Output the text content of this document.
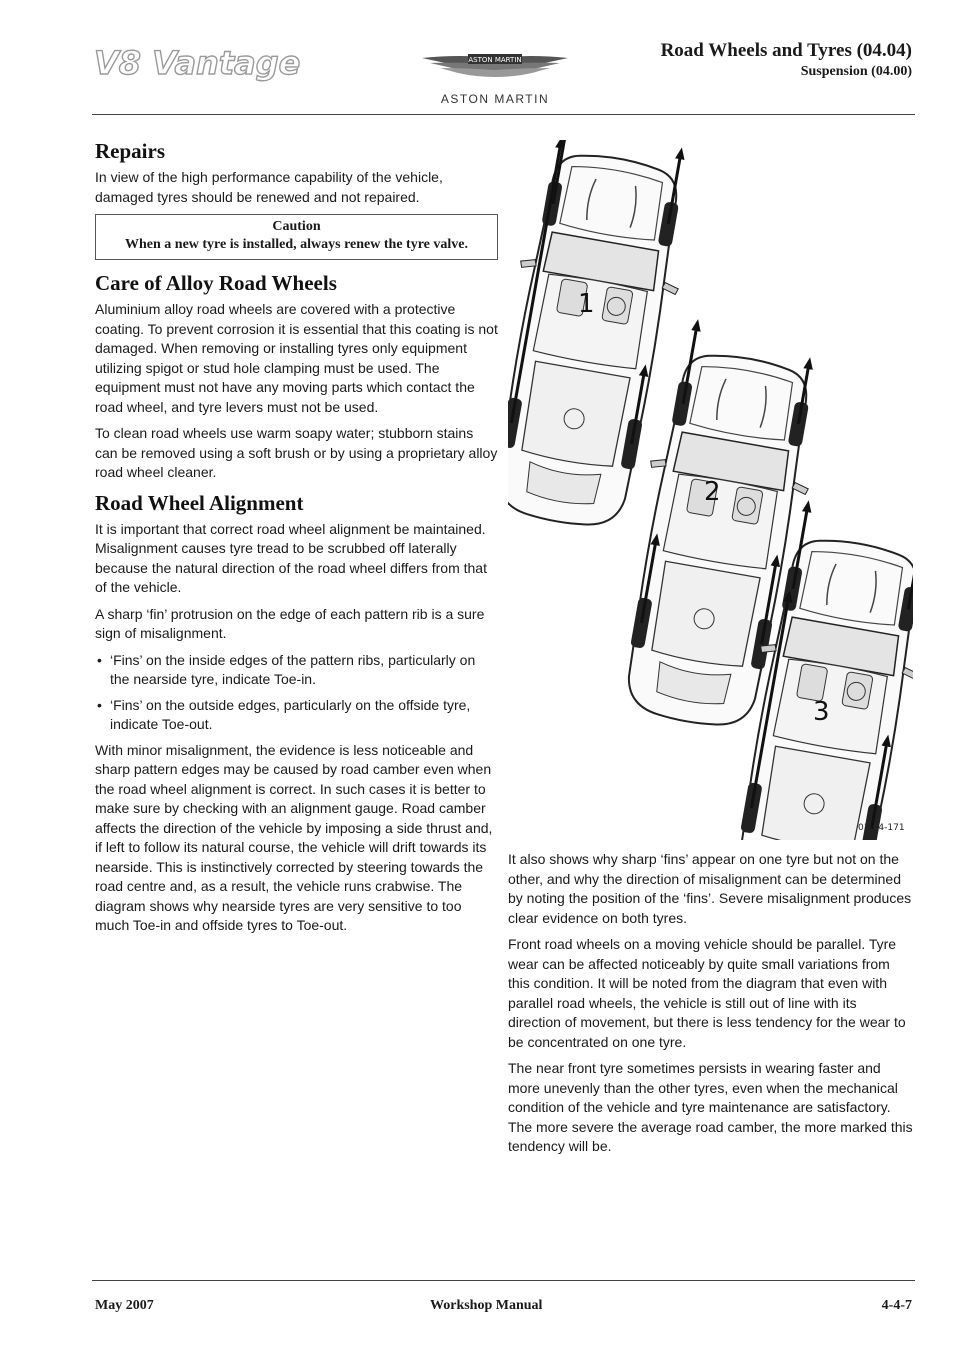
V8 Vantage	ASTON MARTIN
ASTON MARTIN
Road Wheels and Tyres (04.04)
Suspension (04.00)
Repairs

In view of the high performance capability of the vehicle, damaged tyres should be renewed and not repaired.

Caution
When a new tyre is installed, always renew the tyre valve.
Care of Alloy Road Wheels

Aluminium alloy road wheels are covered with a protective coating. To prevent corrosion it is essential that this coating is not damaged. When removing or installing tyres only equipment utilizing spigot or stud hole clamping must be used. The equipment must not have any moving parts which contact the road wheel, and tyre levers must not be used.

To clean road wheels use warm soapy water; stubborn stains can be removed using a soft brush or by using a proprietary alloy road wheel cleaner.

Road Wheel Alignment

It is important that correct road wheel alignment be maintained. Misalignment causes tyre tread to be scrubbed off laterally because the natural direction of the road wheel differs from that of the vehicle.

A sharp ‘fin’ protrusion on the edge of each pattern rib is a sure sign of misalignment.

• ‘Fins’ on the inside edges of the pattern ribs, particularly on the nearside tyre, indicate Toe-in.
• ‘Fins’ on the outside edges, particularly on the offside tyre, indicate Toe-out.

With minor misalignment, the evidence is less noticeable and sharp pattern edges may be caused by road camber even when the road wheel alignment is correct. In such cases it is better to make sure by checking with an alignment gauge. Road camber affects the direction of the vehicle by imposing a side thrust and, if left to follow its natural course, the vehicle will drift towards its nearside. This is instinctively corrected by steering towards the road centre and, as a result, the vehicle runs crabwise. The diagram shows why nearside tyres are very sensitive to too much Toe-in and offside tyres to Toe-out.

1
2
3
01-04-171

It also shows why sharp ‘fins’ appear on one tyre but not on the other, and why the direction of misalignment can be determined by noting the position of the ‘fins’. Severe misalignment produces clear evidence on both tyres.

Front road wheels on a moving vehicle should be parallel. Tyre wear can be affected noticeably by quite small variations from this condition. It will be noted from the diagram that even with parallel road wheels, the vehicle is still out of line with its direction of movement, but there is less tendency for the wear to be concentrated on one tyre.

The near front tyre sometimes persists in wearing faster and more unevenly than the other tyres, even when the mechanical condition of the vehicle and tyre maintenance are satisfactory. The more severe the average road camber, the more marked this tendency will be.

May 2007	Workshop Manual	4-4-7
